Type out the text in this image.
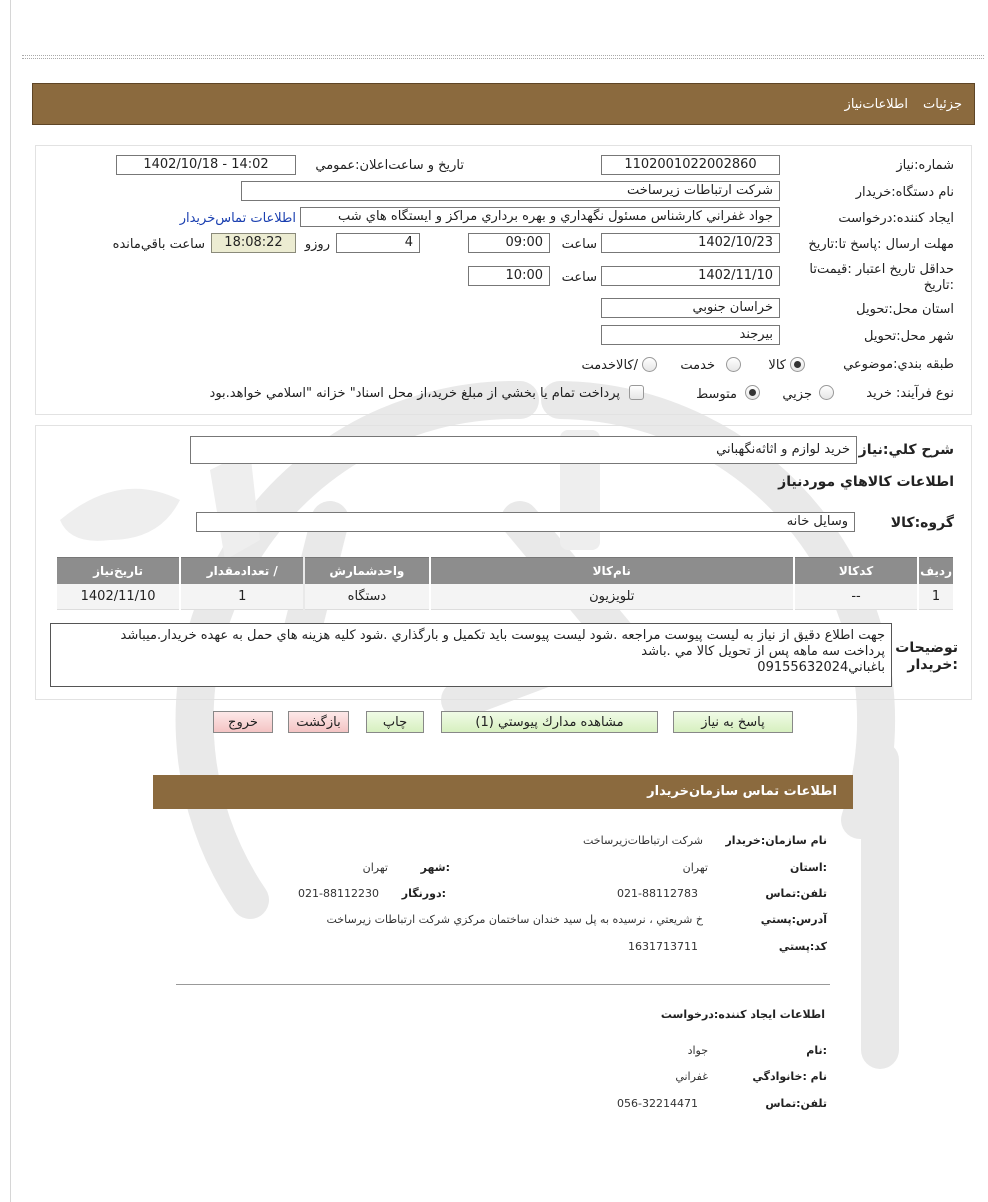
جزئيات
اطلاعات‌نياز
شماره:نياز
1102001022002860
تاريخ و ساعت‌اعلان:عمومي
1402/10/18 - 14:02
نام دستگاه:خريدار
شركت ارتباطات زيرساخت
ايجاد كننده:درخواست
جواد غفراني كارشناس مسئول نگهداري و بهره برداري مراكز و ايستگاه هاي شب
اطلاعات تماس‌خريدار
مهلت ارسال :پاسخ تا:تاريخ
1402/10/23
ساعت
09:00
4
روزو
18:08:22
ساعت باقي‌مانده
حداقل تاريخ اعتبار :قيمت‌تا :تاريخ
1402/11/10
ساعت
10:00
استان محل:تحويل
خراسان جنوبي
شهر محل:تحويل
بيرجند
طبقه بندي:موضوعي
كالا
خدمت
/كالاخدمت
نوع فرآيند: خريد
جزيي
متوسط
پرداخت تمام يا بخشي از مبلغ خريد،از محل اسناد" خزانه "اسلامي خواهد.بود
شرح كلي:نياز
خريد لوازم و اثاثه‌نگهباني
اطلاعات كالاهاي موردنياز
گروه:كالا
وسايل خانه
رديف	كدكالا	نام‌كالا	واحدشمارش	/ تعدادمقدار	تاريخ‌نياز
1	--	تلويزيون	دستگاه	1	1402/11/10
توضيحات :خريدار
جهت اطلاع دقيق از نياز به ليست پيوست مراجعه .شود ليست پيوست بايد تكميل و بارگذاري .شود كليه هزينه هاي حمل به عهده خريدار.ميباشد
پرداخت سه ماهه پس از تحويل كالا مي .باشد
باغباني09155632024
پاسخ به نياز
مشاهده مدارك پيوستي (1)
چاپ
بازگشت
خروج
اطلاعات تماس سازمان‌خريدار
نام سازمان:خريدار
شركت ارتباطات‌زيرساخت
:استان
تهران
:شهر
تهران
تلفن:تماس
021-88112783
:دورنگار
021-88112230
آدرس:پستي
خ شريعتي ، نرسيده به پل سيد خندان ساختمان مركزي شركت ارتباطات زيرساخت
كد:پستي
1631713711
اطلاعات ايجاد كننده:درخواست
:نام
جواد
نام :خانوادگي
غفراني
تلفن:تماس
056-32214471
